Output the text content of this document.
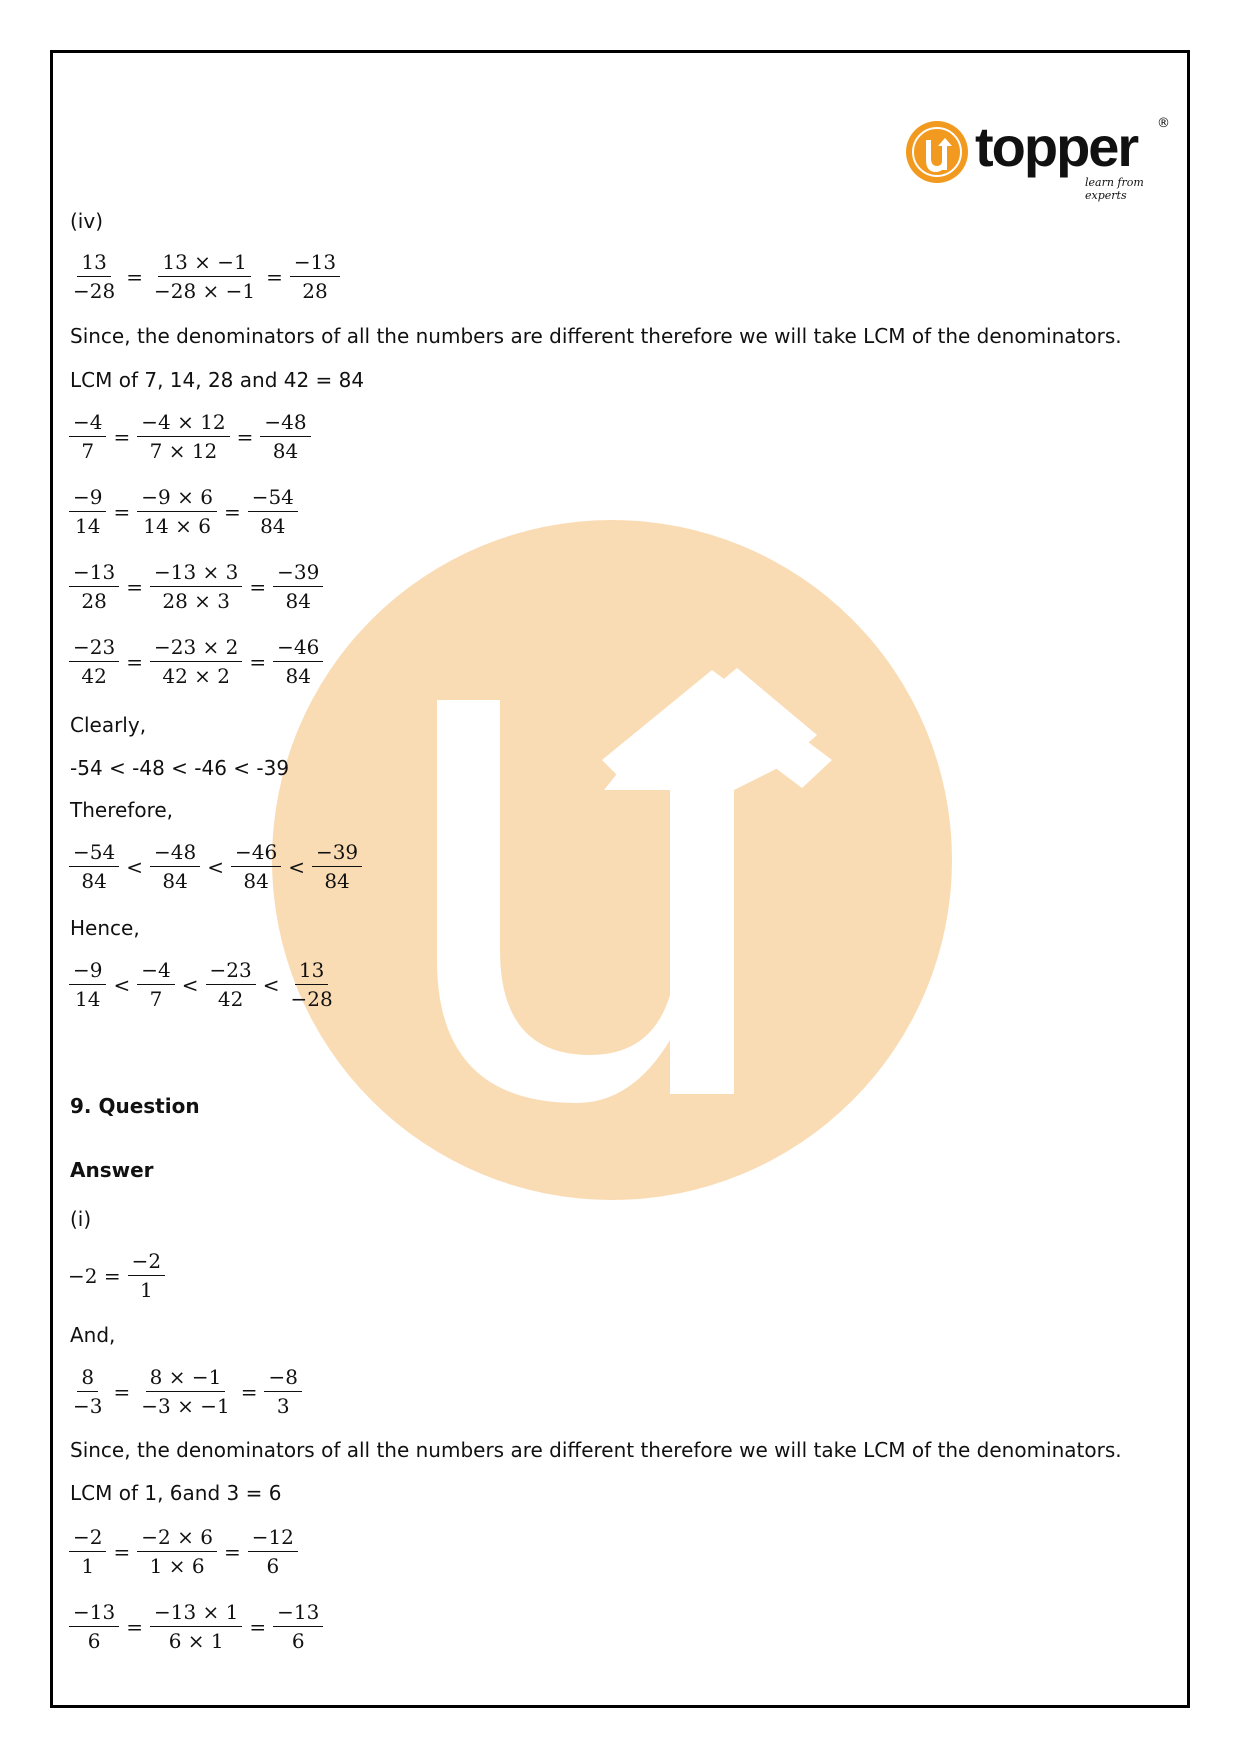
topper ®
learn from experts
(iv)
$\frac{13}{-28} = \frac{13 \times -1}{-28 \times -1} = \frac{-13}{28}$
Since, the denominators of all the numbers are different therefore we will take LCM of the denominators.
LCM of 7, 14, 28 and 42 = 84
$\frac{-4}{7} = \frac{-4 \times 12}{7 \times 12} = \frac{-48}{84}$
$\frac{-9}{14} = \frac{-9 \times 6}{14 \times 6} = \frac{-54}{84}$
$\frac{-13}{28} = \frac{-13 \times 3}{28 \times 3} = \frac{-39}{84}$
$\frac{-23}{42} = \frac{-23 \times 2}{42 \times 2} = \frac{-46}{84}$
Clearly,
-54 < -48 < -46 < -39
Therefore,
$\frac{-54}{84} < \frac{-48}{84} < \frac{-46}{84} < \frac{-39}{84}$
Hence,
$\frac{-9}{14} < \frac{-4}{7} < \frac{-23}{42} < \frac{13}{-28}$
9. Question
Answer
(i)
$-2 = \frac{-2}{1}$
And,
$\frac{8}{-3} = \frac{8 \times -1}{-3 \times -1} = \frac{-8}{3}$
Since, the denominators of all the numbers are different therefore we will take LCM of the denominators.
LCM of 1, 6and 3 = 6
$\frac{-2}{1} = \frac{-2 \times 6}{1 \times 6} = \frac{-12}{6}$
$\frac{-13}{6} = \frac{-13 \times 1}{6 \times 1} = \frac{-13}{6}$
